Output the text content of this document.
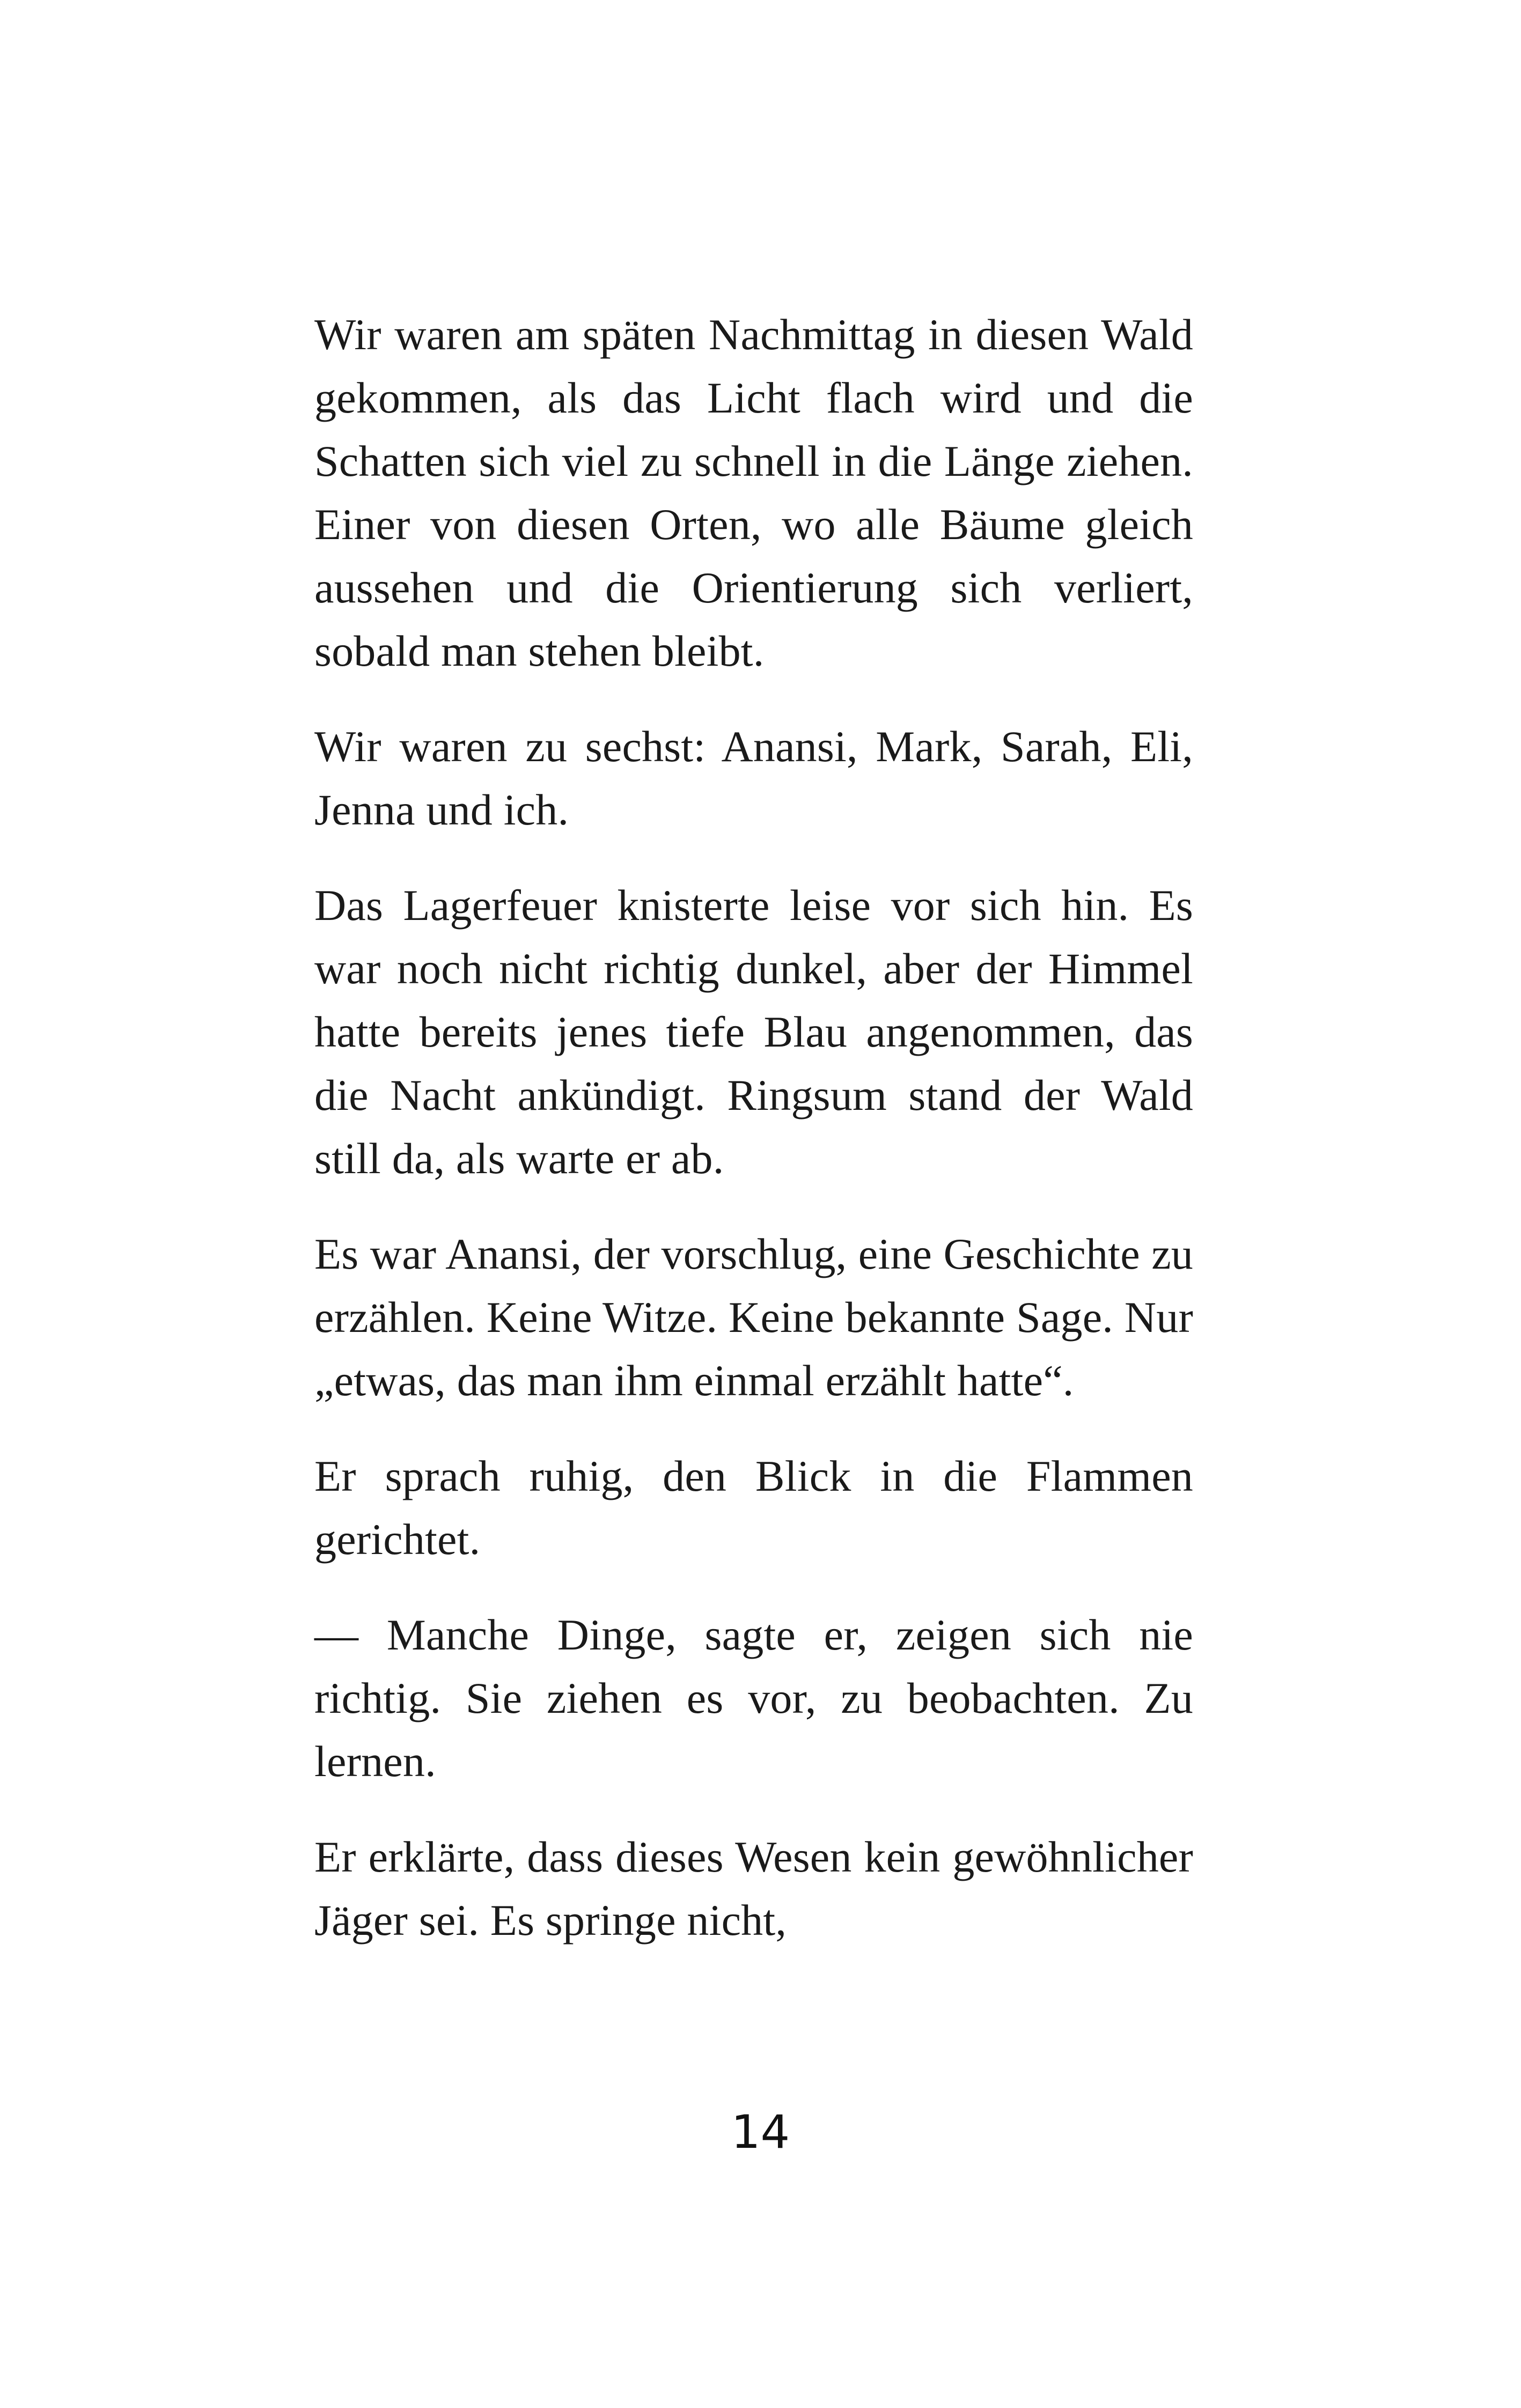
Wir waren am späten Nachmittag in diesen Wald gekommen, als das Licht flach wird und die Schatten sich viel zu schnell in die Länge ziehen. Einer von diesen Orten, wo alle Bäume gleich aussehen und die Orientierung sich verliert, sobald man stehen bleibt.

Wir waren zu sechst: Anansi, Mark, Sarah, Eli, Jenna und ich.

Das Lagerfeuer knisterte leise vor sich hin. Es war noch nicht richtig dunkel, aber der Himmel hatte bereits jenes tiefe Blau angenommen, das die Nacht ankündigt. Ringsum stand der Wald still da, als warte er ab.

Es war Anansi, der vorschlug, eine Geschichte zu erzählen. Keine Witze. Keine bekannte Sage. Nur „etwas, das man ihm einmal erzählt hatte“.

Er sprach ruhig, den Blick in die Flammen gerichtet.

— Manche Dinge, sagte er, zeigen sich nie richtig. Sie ziehen es vor, zu beobachten. Zu lernen.

Er erklärte, dass dieses Wesen kein gewöhnlicher Jäger sei. Es springe nicht,

14
